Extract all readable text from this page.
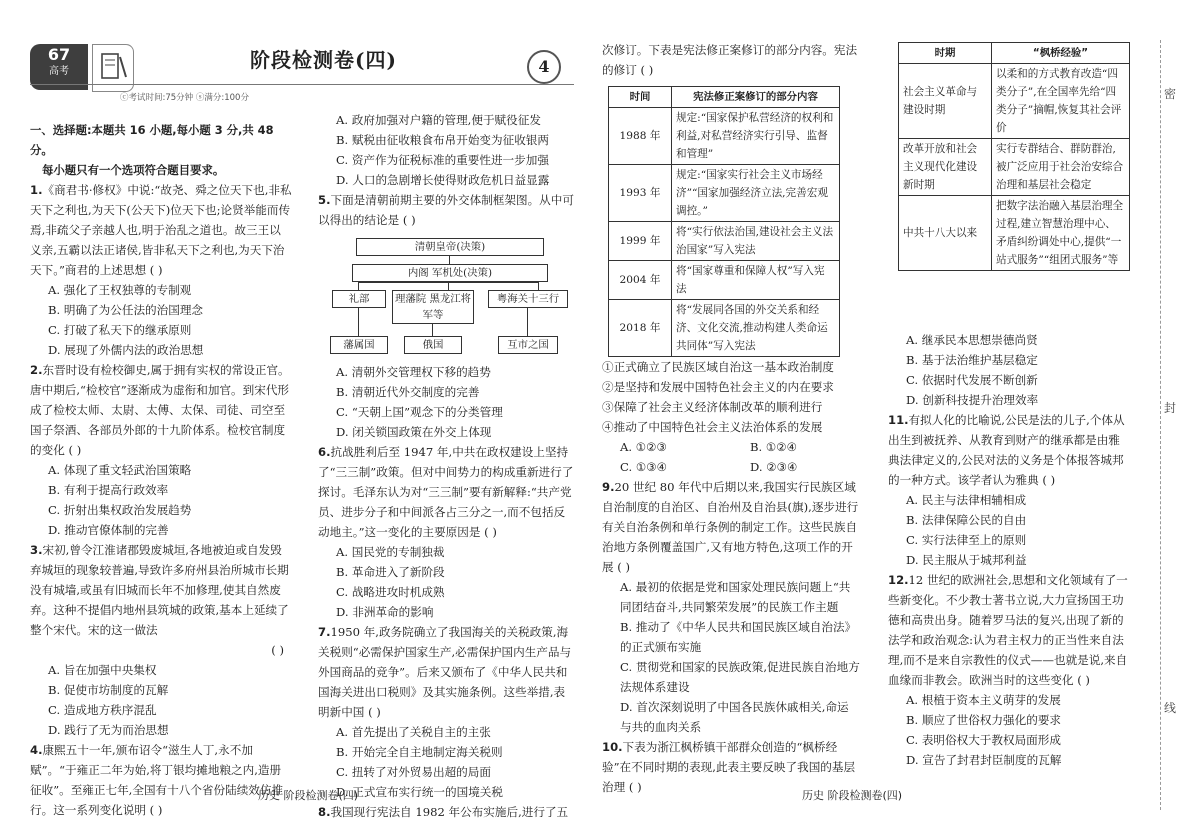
67
高考	阶段检测卷(四)	4
ⓒ考试时间:75分钟 ⓢ满分:100分

一、选择题:本题共 16 小题,每小题 3 分,共 48 分。

每小题只有一个选项符合题目要求。

1.《商君书·修权》中说:“故尧、舜之位天下也,非私天下之利也,为天下(公天下)位天下也;论贤举能而传焉,非疏父子亲越人也,明于治乱之道也。故三王以义亲,五霸以法正诸侯,皆非私天下之利也,为天下治天下。”商君的上述思想 ( )

A. 强化了王权独尊的专制观

B. 明确了为公任法的治国理念

C. 打破了私天下的继承原则

D. 展现了外儒内法的政治思想

2.东晋时设有检校御史,属于拥有实权的常设正官。唐中期后,“检校官”逐渐成为虚衔和加官。到宋代形成了检校太师、太尉、太傅、太保、司徒、司空至国子祭酒、各部员外郎的十九阶体系。检校官制度的变化 ( )

A. 体现了重文轻武治国策略

B. 有利于提高行政效率

C. 折射出集权政治发展趋势

D. 推动官僚体制的完善

3.宋初,曾令江淮诸郡毁废城垣,各地被迫或自发毁弃城垣的现象较普遍,导致许多府州县治所城市长期没有城墙,或虽有旧城而长年不加修理,使其自然废弃。这种不提倡内地州县筑城的政策,基本上延续了整个宋代。宋的这一做法

( )

A. 旨在加强中央集权

B. 促使市坊制度的瓦解

C. 造成地方秩序混乱

D. 践行了无为而治思想

4.康熙五十一年,颁布诏令“滋生人丁,永不加赋”。“于雍正二年为始,将丁银均摊地粮之内,造册征收”。至雍正七年,全国有十八个省份陆续效仿推行。这一系列变化说明 ( )

A. 政府加强对户籍的管理,便于赋役征发

B. 赋税由征收粮食布帛开始变为征收银两

C. 资产作为征税标准的重要性进一步加强

D. 人口的急剧增长使得财政危机日益显露

5.下面是清朝前期主要的外交体制框架图。从中可以得出的结论是 ( )

清朝皇帝(决策)
内阁 军机处(决策)
礼部	理藩院 黑龙江将军等
粤海关十三行
藩属国	俄国	互市之国

A. 清朝外交管理权下移的趋势

B. 清朝近代外交制度的完善

C. “天朝上国”观念下的分类管理

D. 闭关锁国政策在外交上体现

6.抗战胜利后至 1947 年,中共在政权建设上坚持了“三三制”政策。但对中间势力的构成重新进行了探讨。毛泽东认为对“三三制”要有新解释:“共产党员、进步分子和中间派各占三分之一,而不包括反动地主。”这一变化的主要原因是 ( )

A. 国民党的专制独裁

B. 革命进入了新阶段

C. 战略进攻时机成熟

D. 非洲革命的影响

7.1950 年,政务院确立了我国海关的关税政策,海关税则“必需保护国家生产,必需保护国内生产品与外国商品的竞争”。后来又颁布了《中华人民共和国海关进出口税则》及其实施条例。这些举措,表明新中国 ( )

A. 首先提出了关税自主的主张

B. 开始完全自主地制定海关税则

C. 扭转了对外贸易出超的局面

D. 正式宣布实行统一的国境关税

8.我国现行宪法自 1982 年公布实施后,进行了五

次修订。下表是宪法修正案修订的部分内容。宪法的修订 ( )

时间	宪法修正案修订的部分内容
1988 年	规定:“国家保护私营经济的权利和利益,对私营经济实行引导、监督和管理”
1993 年	规定:“国家实行社会主义市场经济”“国家加强经济立法,完善宏观调控。”
1999 年	将“实行依法治国,建设社会主义法治国家”写入宪法
2004 年	将“国家尊重和保障人权”写入宪法
2018 年	将“发展同各国的外交关系和经济、文化交流,推动构建人类命运共同体”写入宪法

①正式确立了民族区域自治这一基本政治制度

②是坚持和发展中国特色社会主义的内在要求

③保障了社会主义经济体制改革的顺利进行

④推动了中国特色社会主义法治体系的发展

A. ①②③	B. ①②④

C. ①③④	D. ②③④

9.20 世纪 80 年代中后期以来,我国实行民族区域自治制度的自治区、自治州及自治县(旗),逐步进行有关自治条例和单行条例的制定工作。这些民族自治地方条例覆盖国广,又有地方特色,这项工作的开展 ( )

A. 最初的依据是党和国家处理民族问题上“共同团结奋斗,共同繁荣发展”的民族工作主题

B. 推动了《中华人民共和国民族区域自治法》的正式颁布实施

C. 贯彻党和国家的民族政策,促进民族自治地方法规体系建设

D. 首次深刻说明了中国各民族休戚相关,命运与共的血肉关系

10.下表为浙江枫桥镇干部群众创造的“枫桥经验”在不同时期的表现,此表主要反映了我国的基层治理 ( )

时期	“枫桥经验”
社会主义革命与建设时期	以柔和的方式教育改造“四类分子”,在全国率先给“四类分子”摘帽,恢复其社会评价
改革开放和社会主义现代化建设新时期	实行专群结合、群防群治,被广泛应用于社会治安综合治理和基层社会稳定
中共十八大以来	把数字法治融入基层治理全过程,建立智慧治理中心、矛盾纠纷调处中心,提供“一站式服务”“组团式服务”等

A. 继承民本思想崇德尚贤

B. 基于法治维护基层稳定

C. 依据时代发展不断创新

D. 创新科技提升治理效率

11.有拟人化的比喻说,公民是法的儿子,个体从出生到被抚养、从教育到财产的继承都是由雅典法律定义的,公民对法的义务是个体报答城邦的一种方式。该学者认为雅典 ( )

A. 民主与法律相辅相成

B. 法律保障公民的自由

C. 实行法律至上的原则

D. 民主服从于城邦利益

12.12 世纪的欧洲社会,思想和文化领域有了一些新变化。不少教士著书立说,大力宣扬国王功德和高贵出身。随着罗马法的复兴,出现了新的法学和政治观念:认为君主权力的正当性来自法理,而不是来自宗教性的仪式——也就是说,来自血缘而非教会。欧洲当时的这些变化 ( )

A. 根植于资本主义萌芽的发展

B. 顺应了世俗权力强化的要求

C. 表明俗权大于教权局面形成

D. 宣告了封君封臣制度的瓦解

历史 阶段检测卷(四)	历史 阶段检测卷(四)
密
封
线
